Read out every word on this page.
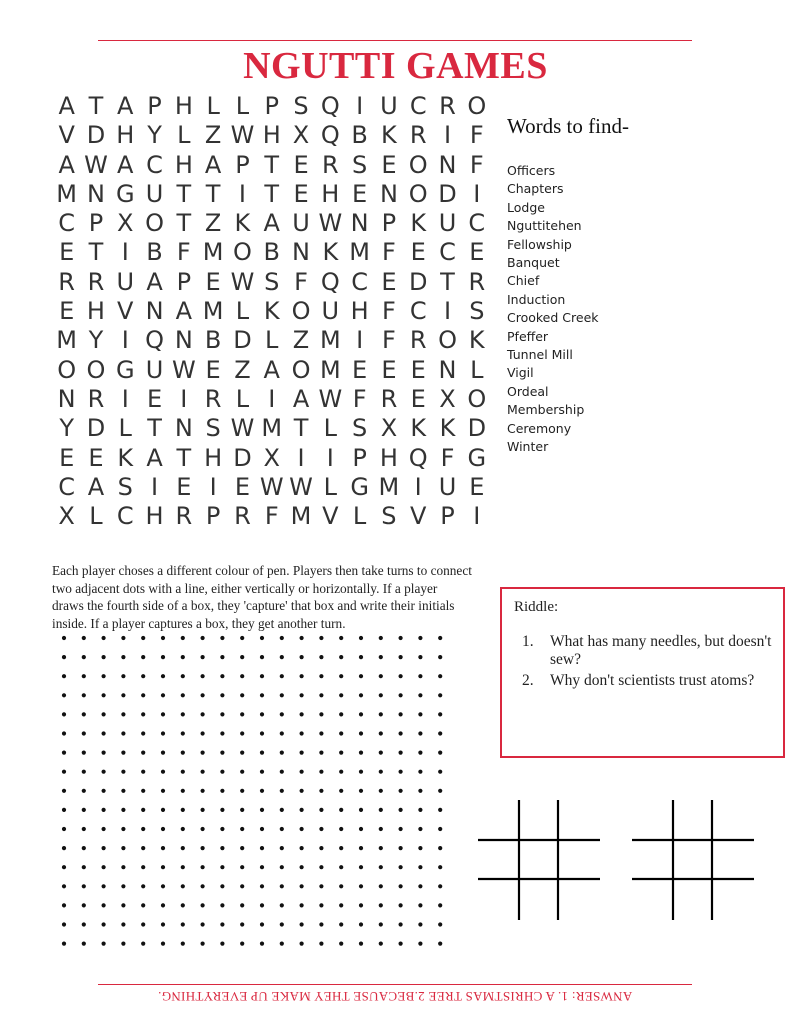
NGUTTI GAMES
A T A P H L L P S Q I U C R O
V D H Y L Z W H X Q B K R I F
A W A C H A P T E R S E O N F
M N G U T T I T E H E N O D I
C P X O T Z K A U W N P K U C
E T I B F M O B N K M F E C E
R R U A P E W S F Q C E D T R
E H V N A M L K O U H F C I S
M Y I Q N B D L Z M I F R O K
O O G U W E Z A O M E E E N L
N R I E I R L I A W F R E X O
Y D L T N S W M T L S X K K D
E E K A T H D X I I P H Q F G
C A S I E I E W W L G M I U E
X L C H R P R F M V L S V P I
Words to find-
Officers
Chapters
Lodge
Nguttitehen
Fellowship
Banquet
Chief
Induction
Crooked Creek
Pfeffer
Tunnel Mill
Vigil
Ordeal
Membership
Ceremony
Winter
Each player choses a different colour of pen. Players then take turns to connect two adjacent dots with a line, either vertically or horizontally. If a player draws the fourth side of a box, they 'capture' that box and write their initials inside. If a player captures a box, they get another turn.
Riddle:
1. What has many needles, but doesn't sew?
2. Why don't scientists trust atoms?
ANWSER: 1. A CHRISTMAS TREE 2.BECAUSE THEY MAKE UP EVERYTHING.
